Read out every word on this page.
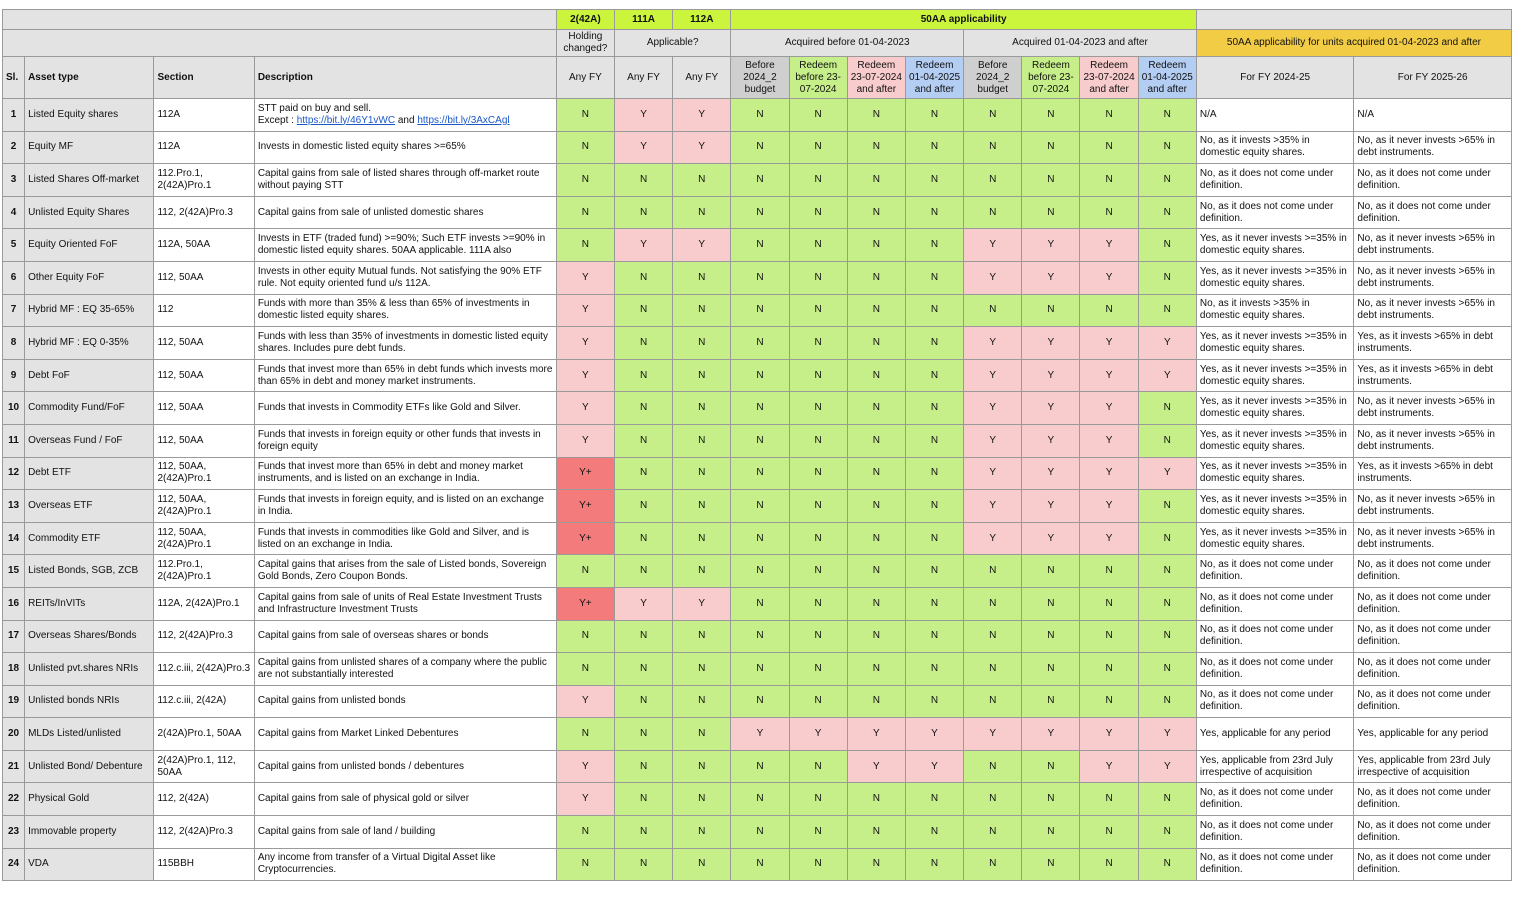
				2(42A)	111A	112A	50AA applicability									
				Holding changed?	Applicable?		Acquired before 01-04-2023				Acquired 01-04-2023 and after				50AA applicability for units acquired 01-04-2023 and after	
Sl.	Asset type	Section	Description	Any FY	Any FY	Any FY	Before 2024_2 budget	Redeem before 23-07-2024	Redeem 23-07-2024 and after	Redeem 01-04-2025 and after	Before 2024_2 budget	Redeem before 23-07-2024	Redeem 23-07-2024 and after	Redeem 01-04-2025 and after	For FY 2024-25	For FY 2025-26
1	Listed Equity shares	112A	STT paid on buy and sell.
Except : https://bit.ly/46Y1vWC and https://bit.ly/3AxCAgl	N	Y	Y	N	N	N	N	N	N	N	N	N/A	N/A
2	Equity MF	112A	Invests in domestic listed equity shares >=65%	N	Y	Y	N	N	N	N	N	N	N	N	No, as it invests >35% in domestic equity shares.	No, as it never invests >65% in debt instruments.
3	Listed Shares Off-market	112.Pro.1, 2(42A)Pro.1	Capital gains from sale of listed shares through off-market route without paying STT	N	N	N	N	N	N	N	N	N	N	N	No, as it does not come under definition.	No, as it does not come under definition.
4	Unlisted Equity Shares	112, 2(42A)Pro.3	Capital gains from sale of unlisted domestic shares	N	N	N	N	N	N	N	N	N	N	N	No, as it does not come under definition.	No, as it does not come under definition.
5	Equity Oriented FoF	112A, 50AA	Invests in ETF (traded fund) >=90%; Such ETF invests >=90% in domestic listed equity shares. 50AA applicable. 111A also	N	Y	Y	N	N	N	N	Y	Y	Y	N	Yes, as it never invests >=35% in domestic equity shares.	No, as it never invests >65% in debt instruments.
6	Other Equity FoF	112, 50AA	Invests in other equity Mutual funds. Not satisfying the 90% ETF rule. Not equity oriented fund u/s 112A.	Y	N	N	N	N	N	N	Y	Y	Y	N	Yes, as it never invests >=35% in domestic equity shares.	No, as it never invests >65% in debt instruments.
7	Hybrid MF : EQ 35-65%	112	Funds with more than 35% & less than 65% of investments in domestic listed equity shares.	Y	N	N	N	N	N	N	N	N	N	N	No, as it invests >35% in domestic equity shares.	No, as it never invests >65% in debt instruments.
8	Hybrid MF : EQ 0-35%	112, 50AA	Funds with less than 35% of investments in domestic listed equity shares. Includes pure debt funds.	Y	N	N	N	N	N	N	Y	Y	Y	Y	Yes, as it never invests >=35% in domestic equity shares.	Yes, as it invests >65% in debt instruments.
9	Debt FoF	112, 50AA	Funds that invest more than 65% in debt funds which invests more than 65% in debt and money market instruments.	Y	N	N	N	N	N	N	Y	Y	Y	Y	Yes, as it never invests >=35% in domestic equity shares.	Yes, as it invests >65% in debt instruments.
10	Commodity Fund/FoF	112, 50AA	Funds that invests in Commodity ETFs like Gold and Silver.	Y	N	N	N	N	N	N	Y	Y	Y	N	Yes, as it never invests >=35% in domestic equity shares.	No, as it never invests >65% in debt instruments.
11	Overseas Fund / FoF	112, 50AA	Funds that invests in foreign equity or other funds that invests in foreign equity	Y	N	N	N	N	N	N	Y	Y	Y	N	Yes, as it never invests >=35% in domestic equity shares.	No, as it never invests >65% in debt instruments.
12	Debt ETF	112, 50AA, 2(42A)Pro.1	Funds that invest more than 65% in debt and money market instruments, and is listed on an exchange in India.	Y+	N	N	N	N	N	N	Y	Y	Y	Y	Yes, as it never invests >=35% in domestic equity shares.	Yes, as it invests >65% in debt instruments.
13	Overseas ETF	112, 50AA, 2(42A)Pro.1	Funds that invests in foreign equity, and is listed on an exchange in India.	Y+	N	N	N	N	N	N	Y	Y	Y	N	Yes, as it never invests >=35% in domestic equity shares.	No, as it never invests >65% in debt instruments.
14	Commodity ETF	112, 50AA, 2(42A)Pro.1	Funds that invests in commodities like Gold and Silver, and is listed on an exchange in India.	Y+	N	N	N	N	N	N	Y	Y	Y	N	Yes, as it never invests >=35% in domestic equity shares.	No, as it never invests >65% in debt instruments.
15	Listed Bonds, SGB, ZCB	112.Pro.1, 2(42A)Pro.1	Capital gains that arises from the sale of Listed bonds, Sovereign Gold Bonds, Zero Coupon Bonds.	N	N	N	N	N	N	N	N	N	N	N	No, as it does not come under definition.	No, as it does not come under definition.
16	REITs/InVITs	112A, 2(42A)Pro.1	Capital gains from sale of units of Real Estate Investment Trusts and Infrastructure Investment Trusts	Y+	Y	Y	N	N	N	N	N	N	N	N	No, as it does not come under definition.	No, as it does not come under definition.
17	Overseas Shares/Bonds	112, 2(42A)Pro.3	Capital gains from sale of overseas shares or bonds	N	N	N	N	N	N	N	N	N	N	N	No, as it does not come under definition.	No, as it does not come under definition.
18	Unlisted pvt.shares NRIs	112.c.iii, 2(42A)Pro.3	Capital gains from unlisted shares of a company where the public are not substantially interested	N	N	N	N	N	N	N	N	N	N	N	No, as it does not come under definition.	No, as it does not come under definition.
19	Unlisted bonds NRIs	112.c.iii, 2(42A)	Capital gains from unlisted bonds	Y	N	N	N	N	N	N	N	N	N	N	No, as it does not come under definition.	No, as it does not come under definition.
20	MLDs Listed/unlisted	2(42A)Pro.1, 50AA	Capital gains from Market Linked Debentures	N	N	N	Y	Y	Y	Y	Y	Y	Y	Y	Yes, applicable for any period	Yes, applicable for any period
21	Unlisted Bond/ Debenture	2(42A)Pro.1, 112, 50AA	Capital gains from unlisted bonds / debentures	Y	N	N	N	N	Y	Y	N	N	Y	Y	Yes, applicable from 23rd July irrespective of acquisition	Yes, applicable from 23rd July irrespective of acquisition
22	Physical Gold	112, 2(42A)	Capital gains from sale of physical gold or silver	Y	N	N	N	N	N	N	N	N	N	N	No, as it does not come under definition.	No, as it does not come under definition.
23	Immovable property	112, 2(42A)Pro.3	Capital gains from sale of land / building	N	N	N	N	N	N	N	N	N	N	N	No, as it does not come under definition.	No, as it does not come under definition.
24	VDA	115BBH	Any income from transfer of a Virtual Digital Asset like Cryptocurrencies.	N	N	N	N	N	N	N	N	N	N	N	No, as it does not come under definition.	No, as it does not come under definition.
